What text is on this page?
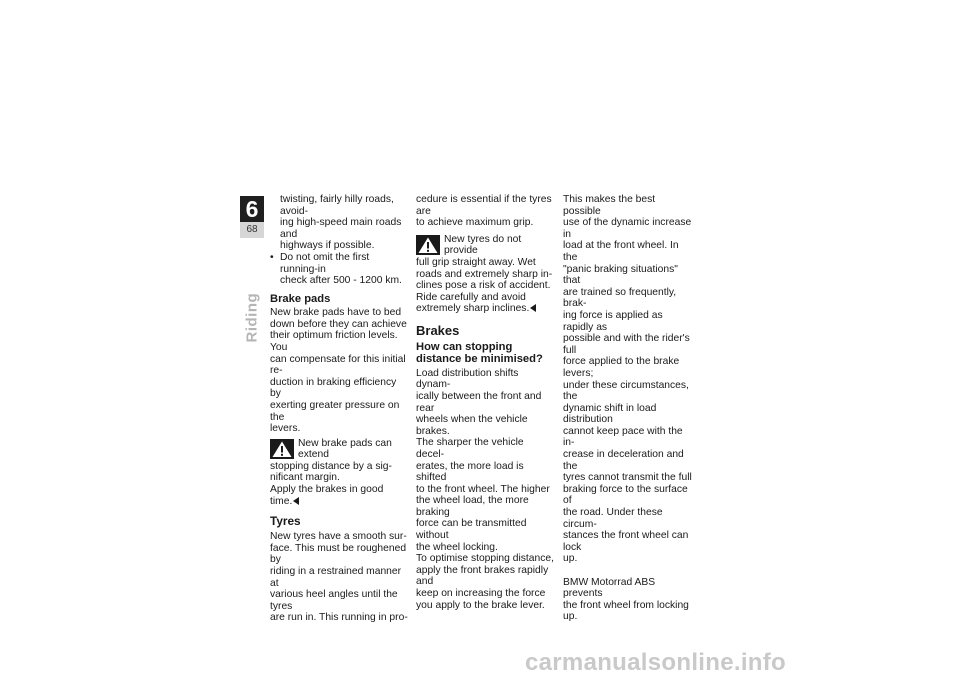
6
68
Riding

twisting, fairly hilly roads, avoid-

ing high-speed main roads and

highways if possible.

• Do not omit the first running-in

check after 500 - 1200 km.

Brake pads

New brake pads have to bed

down before they can achieve

their optimum friction levels. You

can compensate for this initial re-

duction in braking efficiency by

exerting greater pressure on the

levers.

New brake pads can extend

stopping distance by a sig-

nificant margin.

Apply the brakes in good time.

Tyres

New tyres have a smooth sur-

face. This must be roughened by

riding in a restrained manner at

various heel angles until the tyres

are run in. This running in pro-

cedure is essential if the tyres are

to achieve maximum grip.

New tyres do not provide

full grip straight away. Wet

roads and extremely sharp in-

clines pose a risk of accident.

Ride carefully and avoid

extremely sharp inclines.

Brakes
How can stopping
distance be minimised?

Load distribution shifts dynam-

ically between the front and rear

wheels when the vehicle brakes.

The sharper the vehicle decel-

erates, the more load is shifted

to the front wheel. The higher

the wheel load, the more braking

force can be transmitted without

the wheel locking.

To optimise stopping distance,

apply the front brakes rapidly and

keep on increasing the force

you apply to the brake lever.

This makes the best possible

use of the dynamic increase in

load at the front wheel. In the

"panic braking situations" that

are trained so frequently, brak-

ing force is applied as rapidly as

possible and with the rider's full

force applied to the brake levers;

under these circumstances, the

dynamic shift in load distribution

cannot keep pace with the in-

crease in deceleration and the

tyres cannot transmit the full

braking force to the surface of

the road. Under these circum-

stances the front wheel can lock

up.

BMW Motorrad ABS prevents

the front wheel from locking up.

carmanualsonline.info
